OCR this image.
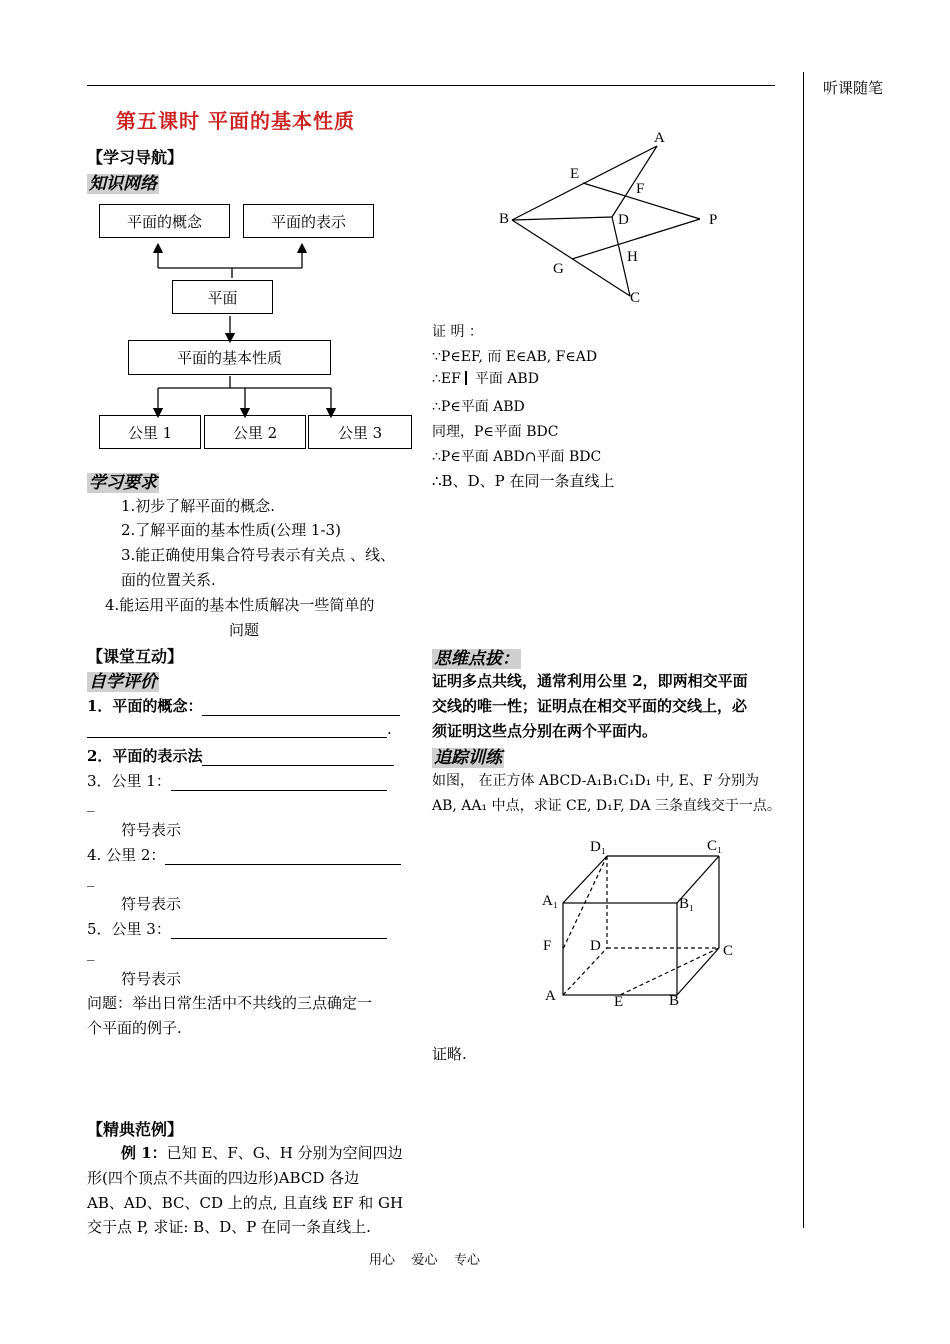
听课随笔
第五课时 平面的基本性质
【学习导航】
知识网络
平面的概念	平面的表示
平面
平面的基本性质
公里 1	公里 2	公里 3
学习要求
1.初步了解平面的概念.
2.了解平面的基本性质(公理 1-3)
3.能正确使用集合符号表示有关点 、线、
面的位置关系.
4.能运用平面的基本性质解决一些简单的
问题
【课堂互动】
自学评价
1．平面的概念：
.
2．平面的表示法
3．公里 1：
_
符号表示
4. 公里 2：
_
符号表示
5．公里 3：
_
符号表示
问题：举出日常生活中不共线的三点确定一
个平面的例子.
【精典范例】
例 1：已知 E、F、G、H 分别为空间四边
形(四个顶点不共面的四边形)ABCD 各边
AB、AD、BC、CD 上的点, 且直线 EF 和 GH
交于点 P, 求证: B、D、P 在同一条直线上.
A
E
F
B	D	P
G
H
C
证 明 ：
∵P∈EF, 而 E∈AB, F∈AD
∴EF 平面 ABD
∴P∈平面 ABD
同理，P∈平面 BDC
∴P∈平面 ABD∩平面 BDC
∴B、D、P 在同一条直线上
思维点拔：
证明多点共线，通常利用公里 2，即两相交平面
交线的唯一性；证明点在相交平面的交线上，必
须证明这些点分别在两个平面内。
追踪训练
如图， 在正方体 ABCD-A₁B₁C₁D₁ 中, E、F 分别为
AB, AA₁ 中点，求证 CE, D₁F, DA 三条直线交于一点。
D₁	C₁
A₁	B₁
F	D	C
A	E	B
证略.
用心    爱心    专心
